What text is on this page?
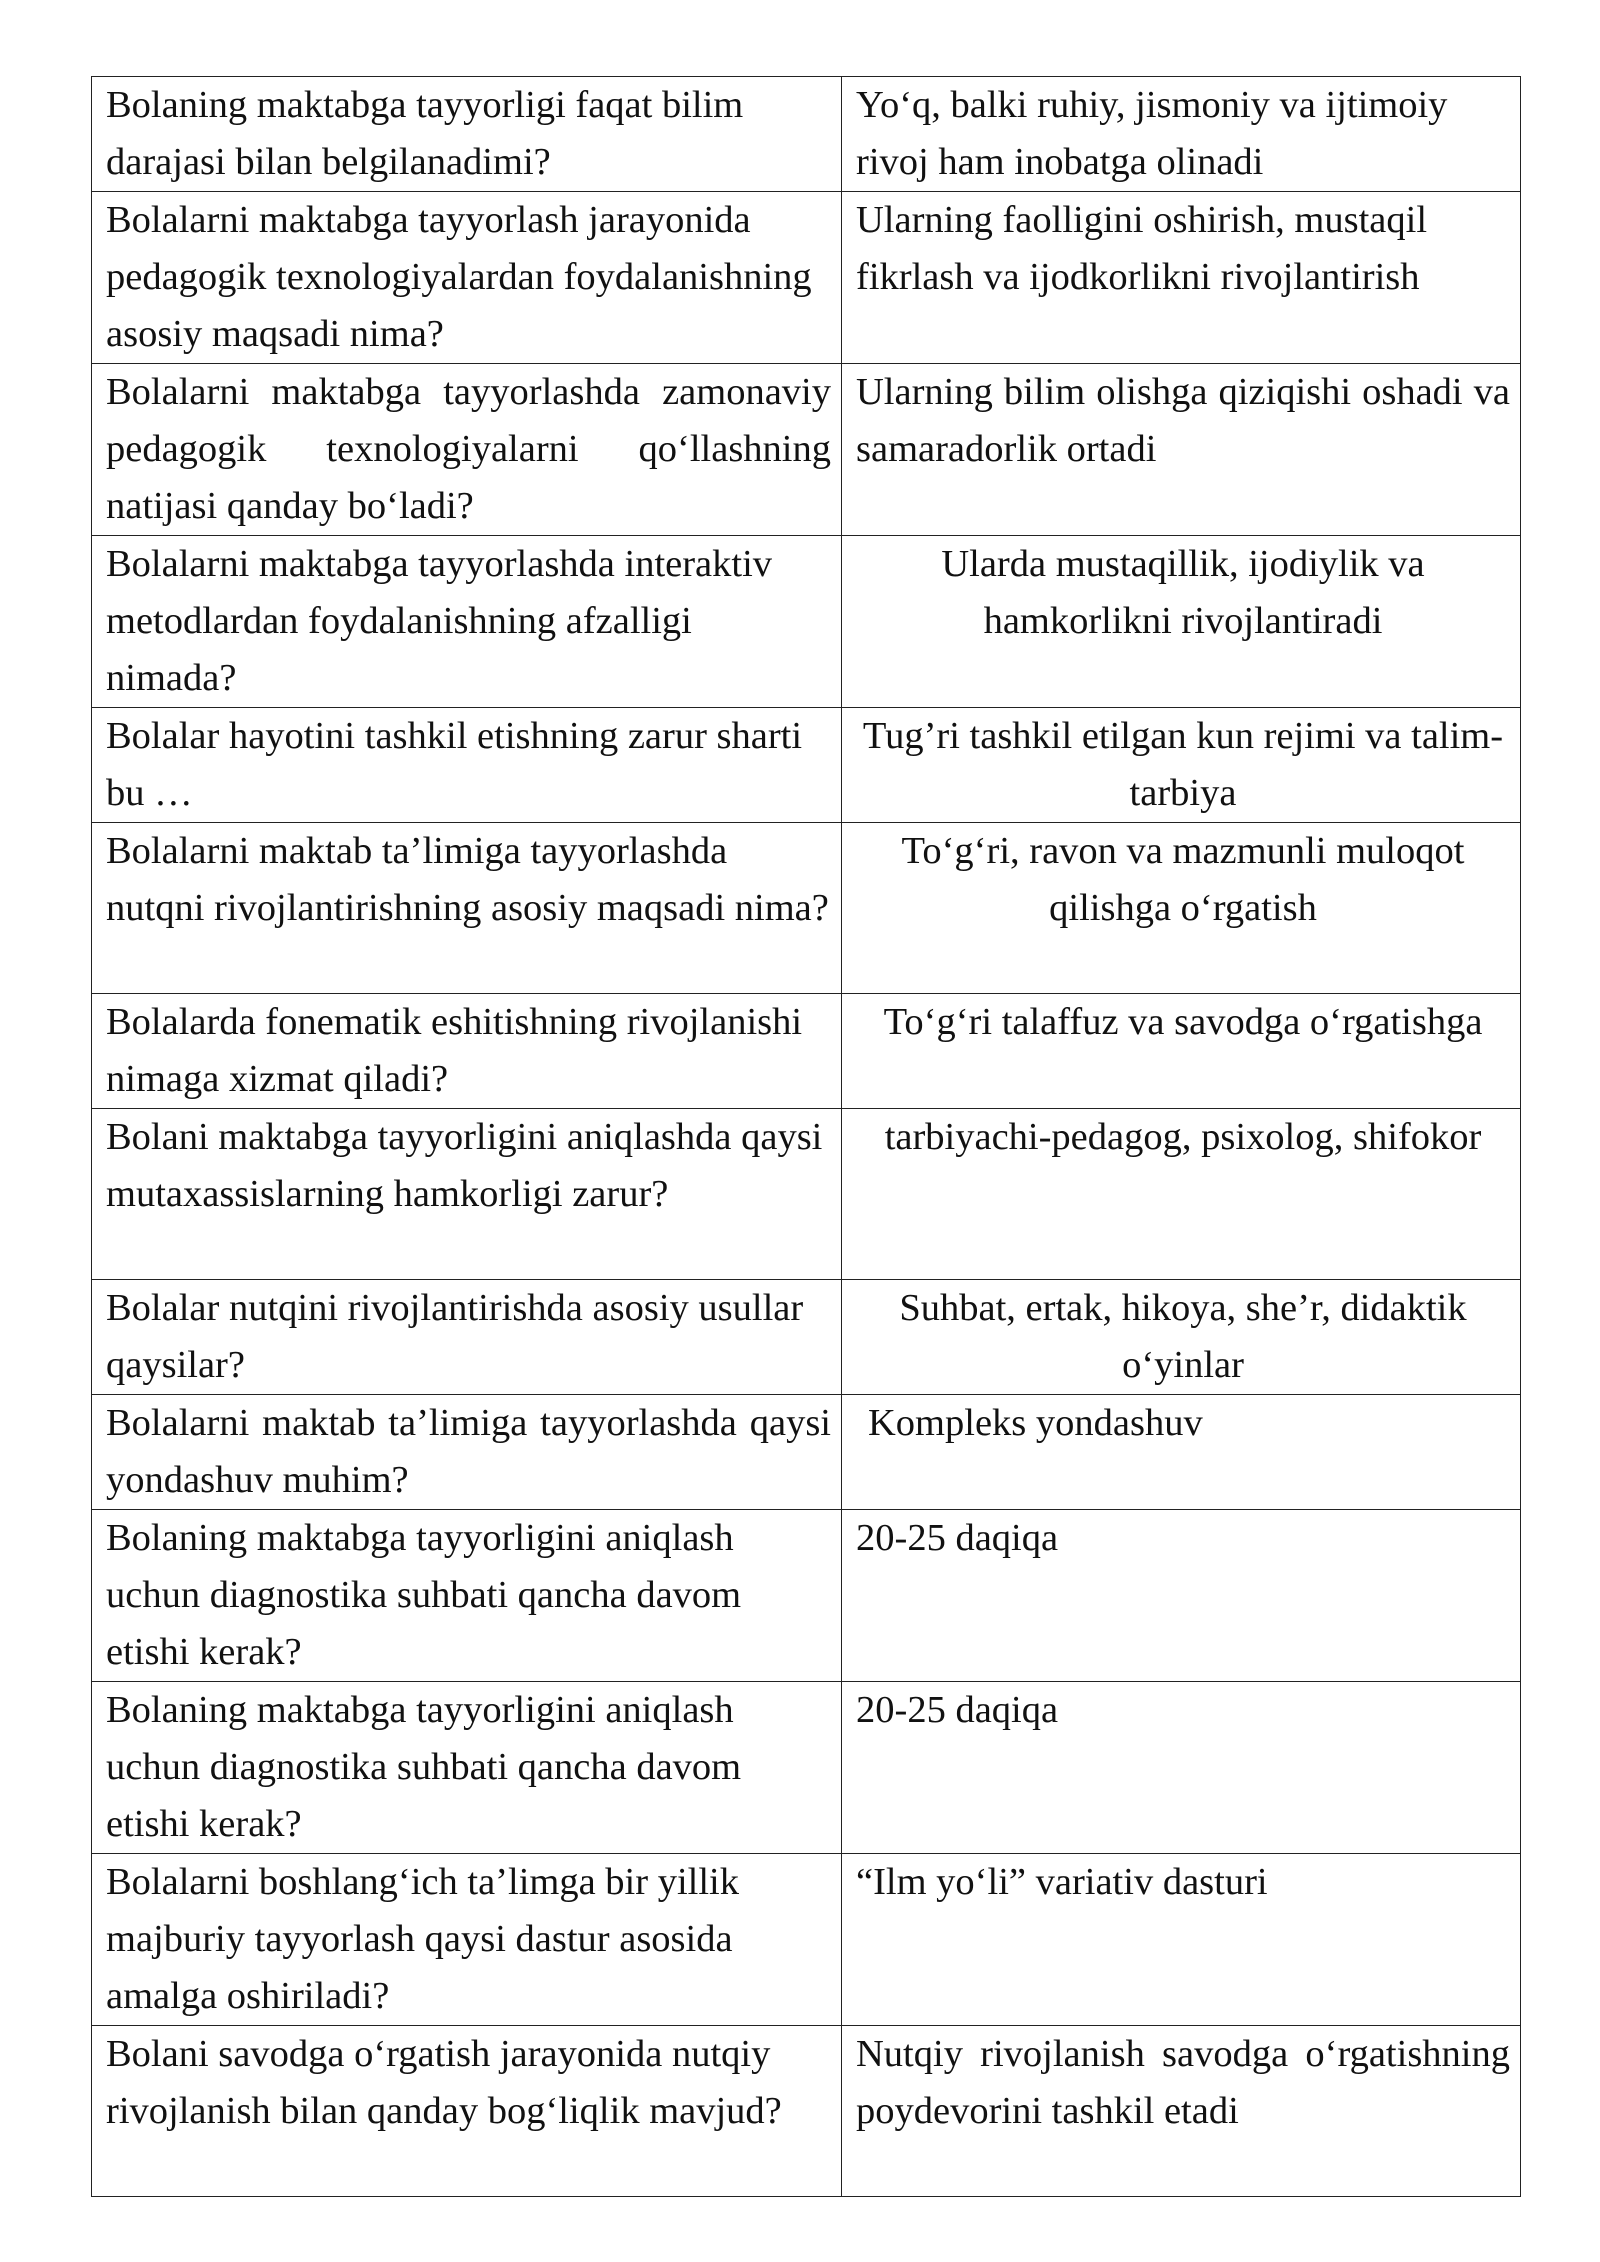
Bolaning maktabga tayyorligi faqat bilim darajasi bilan belgilanadimi?	Yo‘q, balki ruhiy, jismoniy va ijtimoiy rivoj ham inobatga olinadi
Bolalarni maktabga tayyorlash jarayonida pedagogik texnologiyalardan foydalanishning asosiy maqsadi nima?	Ularning faolligini oshirish, mustaqil fikrlash va ijodkorlikni rivojlantirish
Bolalarni maktabga tayyorlashda zamonaviy pedagogik texnologiyalarni qo‘llashning natijasi qanday bo‘ladi?	Ularning bilim olishga qiziqishi oshadi va samaradorlik ortadi
Bolalarni maktabga tayyorlashda interaktiv metodlardan foydalanishning afzalligi nimada?	Ularda mustaqillik, ijodiylik va hamkorlikni rivojlantiradi
Bolalar hayotini tashkil etishning zarur sharti bu …	Tug’ri tashkil etilgan kun rejimi va talim-tarbiya
Bolalarni maktab ta’limiga tayyorlashda nutqni rivojlantirishning asosiy maqsadi nima?	To‘g‘ri, ravon va mazmunli muloqot qilishga o‘rgatish
Bolalarda fonematik eshitishning rivojlanishi nimaga xizmat qiladi?	To‘g‘ri talaffuz va savodga o‘rgatishga
Bolani maktabga tayyorligini aniqlashda qaysi mutaxassislarning hamkorligi zarur?	tarbiyachi-pedagog, psixolog, shifokor
Bolalar nutqini rivojlantirishda asosiy usullar qaysilar?	Suhbat, ertak, hikoya, she’r, didaktik o‘yinlar
Bolalarni maktab ta’limiga tayyorlashda qaysi yondashuv muhim?	Kompleks yondashuv
Bolaning maktabga tayyorligini aniqlash uchun diagnostika suhbati qancha davom etishi kerak?	20-25 daqiqa
Bolaning maktabga tayyorligini aniqlash uchun diagnostika suhbati qancha davom etishi kerak?	20-25 daqiqa
Bolalarni boshlang‘ich ta’limga bir yillik majburiy tayyorlash qaysi dastur asosida amalga oshiriladi?	“Ilm yo‘li” variativ dasturi
Bolani savodga o‘rgatish jarayonida nutqiy rivojlanish bilan qanday bog‘liqlik mavjud?	Nutqiy rivojlanish savodga o‘rgatishning poydevorini tashkil etadi
